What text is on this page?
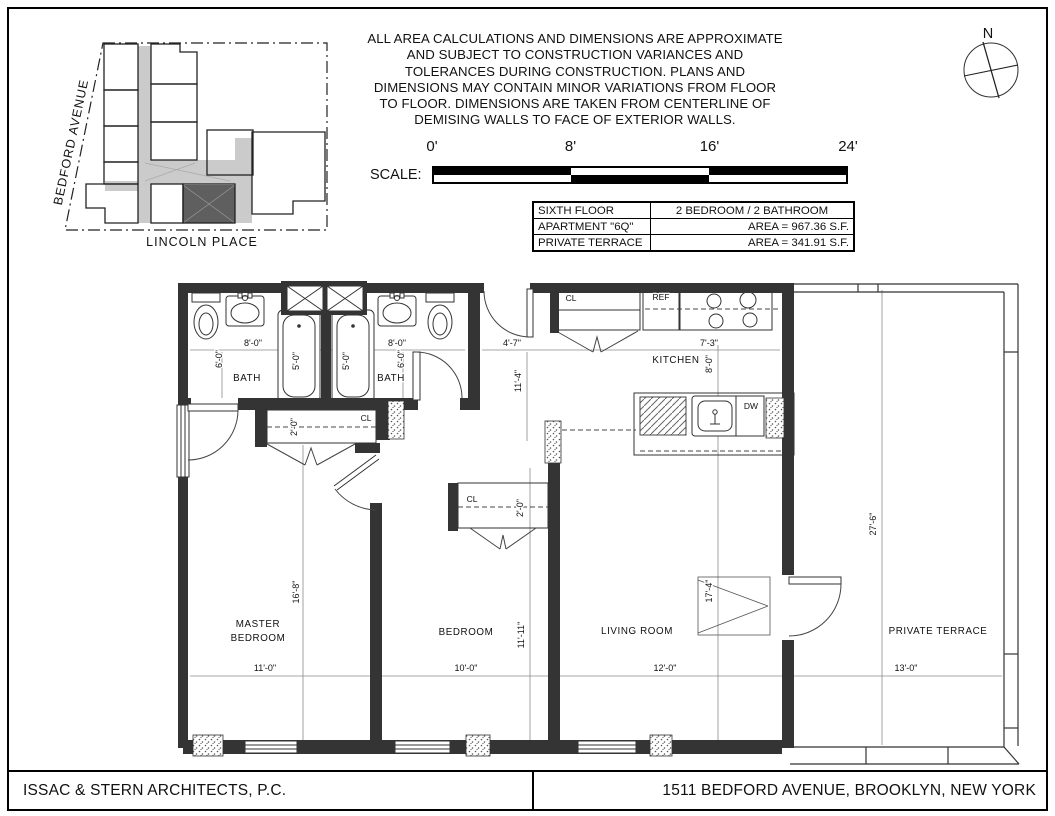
ALL AREA CALCULATIONS AND DIMENSIONS ARE APPROXIMATE
AND SUBJECT TO CONSTRUCTION VARIANCES AND
TOLERANCES DURING CONSTRUCTION. PLANS AND
DIMENSIONS MAY CONTAIN MINOR VARIATIONS FROM FLOOR
TO FLOOR. DIMENSIONS ARE TAKEN FROM CENTERLINE OF
DEMISING WALLS TO FACE OF EXTERIOR WALLS.
SCALE:
0'	8'	16'	24'
SIXTH FLOOR	2 BEDROOM / 2 BATHROOM
APARTMENT "6Q"	AREA = 967.36 S.F.
PRIVATE TERRACE	AREA = 341.91 S.F.
N
BEDFORD AVENUE
LINCOLN PLACE
MASTER
BEDROOM
BEDROOM	LIVING ROOM	PRIVATE TERRACE
KITCHEN
BATH	BATH
CL
CL
CL
REF
DW
8'-0"	8'-0"
6'-0"	6'-0"
5'-0"	5'-0"
4'-7"	7'-3"
11'-4"
8'-0"
2'-0"
2'-0"
16'-8"
11'-11"
17'-4"
27'-6"
11'-0"	10'-0"	12'-0"	13'-0"
ISSAC & STERN ARCHITECTS, P.C.	1511 BEDFORD AVENUE, BROOKLYN, NEW YORK
